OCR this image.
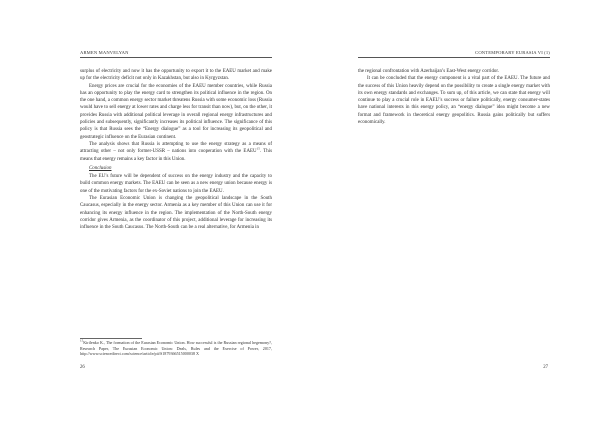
ARMEN MANVELYAN

surplus of electricity and now it has the opportunity to export it to the EAEU market and make up for the electricity deficit not only in Kazakhstan, but also in Kyrgyzstan.

Energy prices are crucial for the economies of the EAEU member countries, while Russia has an opportunity to play the energy card to strengthen its political influence in the region. On the one hand, a common energy sector market threatens Russia with some economic loss (Russia would have to sell energy at lower rates and charge less for transit than now), but, on the other, it provides Russia with additional political leverage in overall regional energy infrastructures and policies and subsequently, significantly increases its political influence. The significance of this policy is that Russia sees the “Energy dialogue” as a tool for increasing its geopolitical and geostrategic influence on the Eurasian continent.

The analysis shows that Russia is attempting to use the energy strategy as a means of attracting other – not only former-USSR – nations into cooperation with the EAEU$^{15}$. This means that energy remains a key factor in this Union.

Conclusion

The EU’s future will be dependent of success on the energy industry and the capacity to build common energy markets. The EAEU can be seen as a new energy union because energy is one of the motivating factors for the ex-Soviet nations to join the EAEU.

The Eurasian Economic Union is changing the geopolitical landscape in the South Caucasus, especially in the energy sector. Armenia as a key member of this Union can use it for enhancing its energy influence in the region. The implementation of the North-South energy corridor gives Armenia, as the coordinator of this project, additional leverage for increasing its influence in the South Caucasus. The North-South can be a real alternative, for Armenia in

$^{15}$Kirilenko K., The formation of the Eurasian Economic Union. How successful is the Russian regional hegemony?, Research Paper, The Eurasian Economic Union: Deals, Rules and the Exercise of Power, 2017, http://www.sciencedirect.com/science/article/pii/S1879366515000038 X
26
CONTEMPORARY EURASIA VI (1)

the regional confrontation with Azerbaijan’s East-West energy corridor.

It can be concluded that the energy component is a vital part of the EAEU. The future and the success of this Union heavily depend on the possibility to create a single energy market with its own energy standards and exchanges. To sum up, of this article, we can state that energy will continue to play a crucial role in EAEU’s success or failure politically, energy consumer-states have national interests in this energy policy, an “energy dialogue” idea might become a new format and framework in theoretical energy geopolitics. Russia gains politically but suffers economically.

27
